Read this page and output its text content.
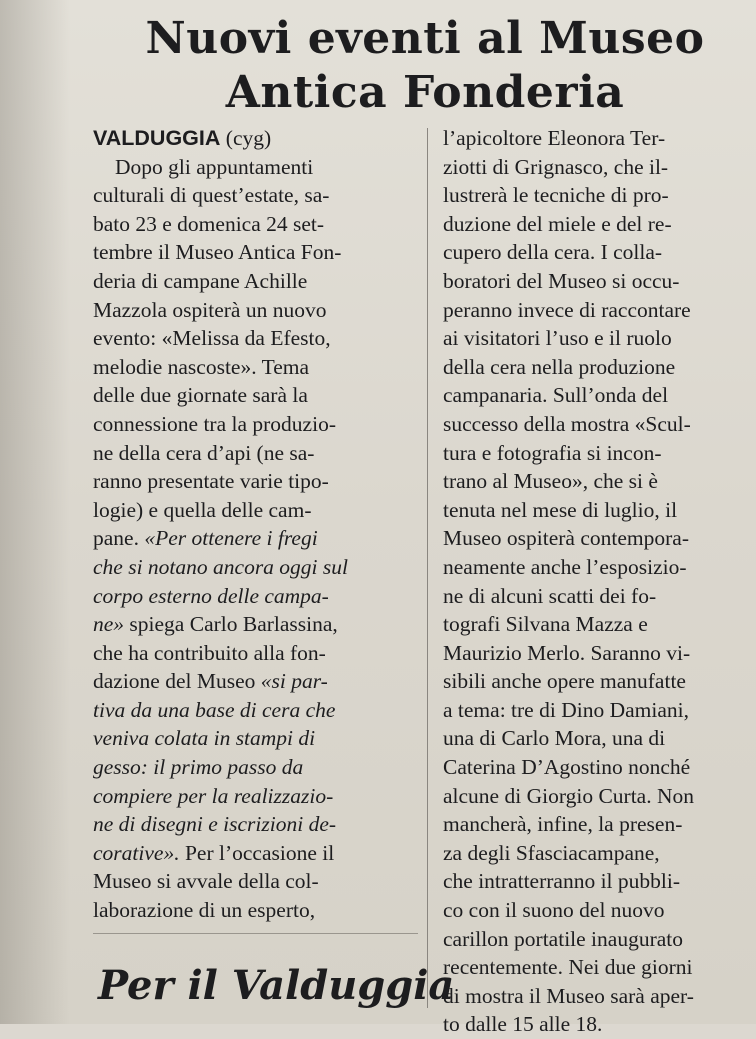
Nuovi eventi al Museo
Antica Fonderia
VALDUGGIA (cyg)
Dopo gli appuntamenti
culturali di quest’estate, sa-
bato 23 e domenica 24 set-
tembre il Museo Antica Fon-
deria di campane Achille
Mazzola ospiterà un nuovo
evento: «Melissa da Efesto,
melodie nascoste». Tema
delle due giornate sarà la
connessione tra la produzio-
ne della cera d’api (ne sa-
ranno presentate varie tipo-
logie) e quella delle cam-
pane. «Per ottenere i fregi
che si notano ancora oggi sul
corpo esterno delle campa-
ne» spiega Carlo Barlassina,
che ha contribuito alla fon-
dazione del Museo «si par-
tiva da una base di cera che
veniva colata in stampi di
gesso: il primo passo da
compiere per la realizzazio-
ne di disegni e iscrizioni de-
corative». Per l’occasione il
Museo si avvale della col-
laborazione di un esperto,
l’apicoltore Eleonora Ter-
ziotti di Grignasco, che il-
lustrerà le tecniche di pro-
duzione del miele e del re-
cupero della cera. I colla-
boratori del Museo si occu-
peranno invece di raccontare
ai visitatori l’uso e il ruolo
della cera nella produzione
campanaria. Sull’onda del
successo della mostra «Scul-
tura e fotografia si incon-
trano al Museo», che si è
tenuta nel mese di luglio, il
Museo ospiterà contempora-
neamente anche l’esposizio-
ne di alcuni scatti dei fo-
tografi Silvana Mazza e
Maurizio Merlo. Saranno vi-
sibili anche opere manufatte
a tema: tre di Dino Damiani,
una di Carlo Mora, una di
Caterina D’Agostino nonché
alcune di Giorgio Curta. Non
mancherà, infine, la presen-
za degli Sfasciacampane,
che intratterranno il pubbli-
co con il suono del nuovo
carillon portatile inaugurato
recentemente. Nei due giorni
di mostra il Museo sarà aper-
to dalle 15 alle 18.
Per il Valduggia
